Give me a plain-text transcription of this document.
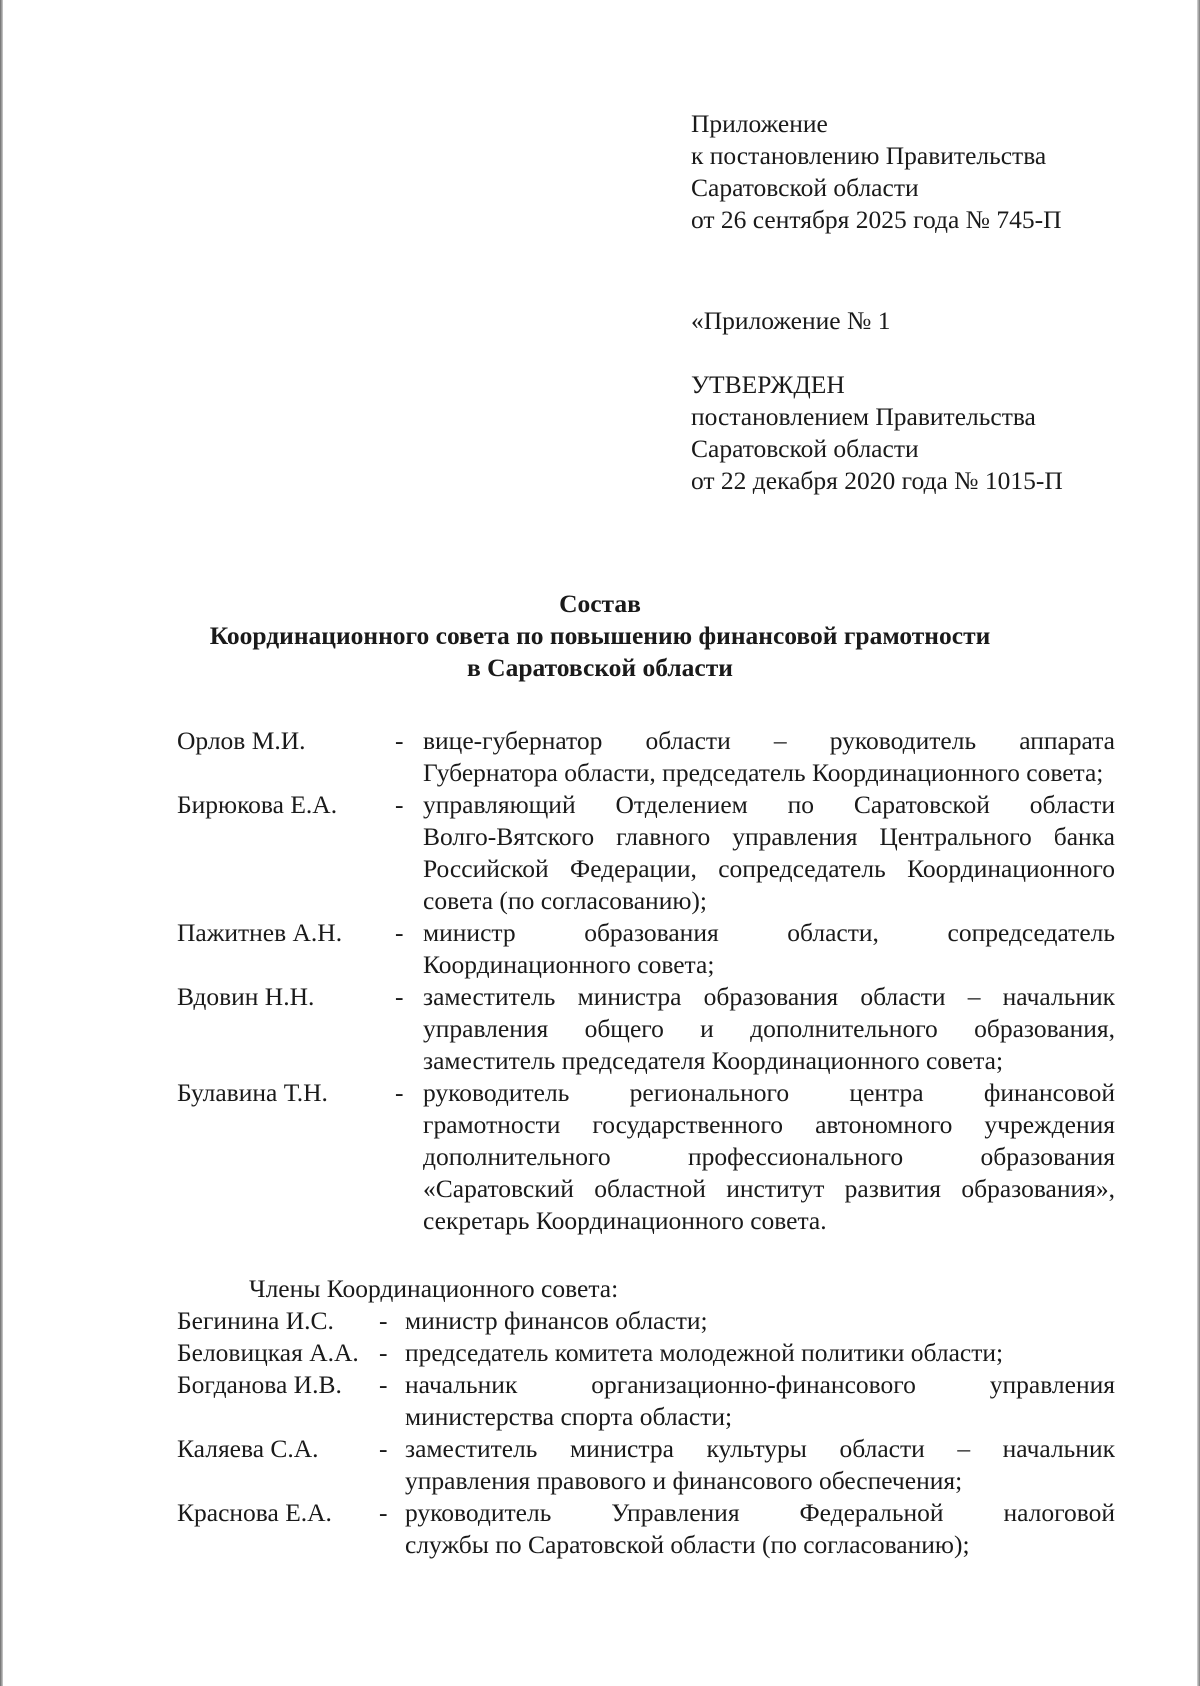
Приложение
к постановлению Правительства
Саратовской области
от 26 сентября 2025 года № 745-П
«Приложение № 1
УТВЕРЖДЕН
постановлением Правительства
Саратовской области
от 22 декабря 2020 года № 1015-П
Состав
Координационного совета по повышению финансовой грамотности
в Саратовской области
Орлов М.И.	- вице-губернатор области – руководитель аппарата
Губернатора области, председатель Координационного совета;
Бирюкова Е.А.	- управляющий Отделением по Саратовской области
Волго-Вятского главного управления Центрального банка
Российской Федерации, сопредседатель Координационного
совета (по согласованию);
Пажитнев А.Н.	- министр образования области, сопредседатель
Координационного совета;
Вдовин Н.Н.	- заместитель министра образования области – начальник
управления общего и дополнительного образования,
заместитель председателя Координационного совета;
Булавина Т.Н.	- руководитель регионального центра финансовой
грамотности государственного автономного учреждения
дополнительного профессионального образования
«Саратовский областной институт развития образования»,
секретарь Координационного совета.
Члены Координационного совета:
Бегинина И.С.	- министр финансов области;
Беловицкая А.А. - председатель комитета молодежной политики области;
Богданова И.В.	- начальник организационно-финансового управления
министерства спорта области;
Каляева С.А.	- заместитель министра культуры области – начальник
управления правового и финансового обеспечения;
Краснова Е.А.	- руководитель Управления Федеральной налоговой
службы по Саратовской области (по согласованию);
